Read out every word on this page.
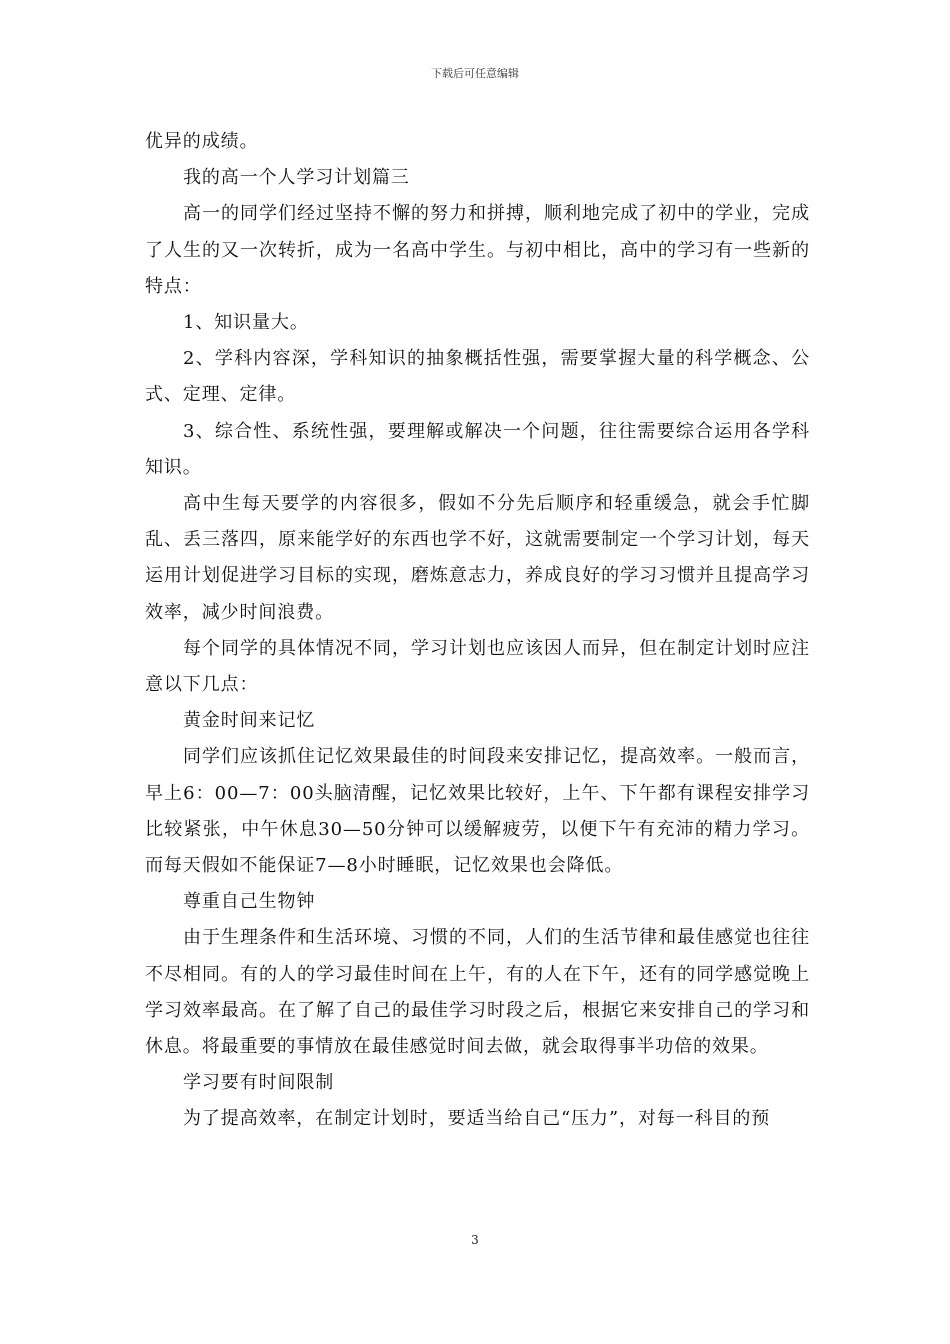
下载后可任意编辑

优异的成绩。

我的高一个人学习计划篇三

高一的同学们经过坚持不懈的努力和拼搏，顺利地完成了初中的学业，完成了人生的又一次转折，成为一名高中学生。与初中相比，高中的学习有一些新的特点：

1、知识量大。

2、学科内容深，学科知识的抽象概括性强，需要掌握大量的科学概念、公式、定理、定律。

3、综合性、系统性强，要理解或解决一个问题，往往需要综合运用各学科知识。

高中生每天要学的内容很多，假如不分先后顺序和轻重缓急，就会手忙脚乱、丢三落四，原来能学好的东西也学不好，这就需要制定一个学习计划，每天运用计划促进学习目标的实现，磨炼意志力，养成良好的学习习惯并且提高学习效率，减少时间浪费。

每个同学的具体情况不同，学习计划也应该因人而异，但在制定计划时应注意以下几点：

黄金时间来记忆

同学们应该抓住记忆效果最佳的时间段来安排记忆，提高效率。一般而言，早上6：00—7：00头脑清醒，记忆效果比较好，上午、下午都有课程安排学习比较紧张，中午休息30—50分钟可以缓解疲劳，以便下午有充沛的精力学习。而每天假如不能保证7—8小时睡眠，记忆效果也会降低。

尊重自己生物钟

由于生理条件和生活环境、习惯的不同，人们的生活节律和最佳感觉也往往不尽相同。有的人的学习最佳时间在上午，有的人在下午，还有的同学感觉晚上学习效率最高。在了解了自己的最佳学习时段之后，根据它来安排自己的学习和休息。将最重要的事情放在最佳感觉时间去做，就会取得事半功倍的效果。

学习要有时间限制

为了提高效率，在制定计划时，要适当给自己“压力”，对每一科目的预

3
